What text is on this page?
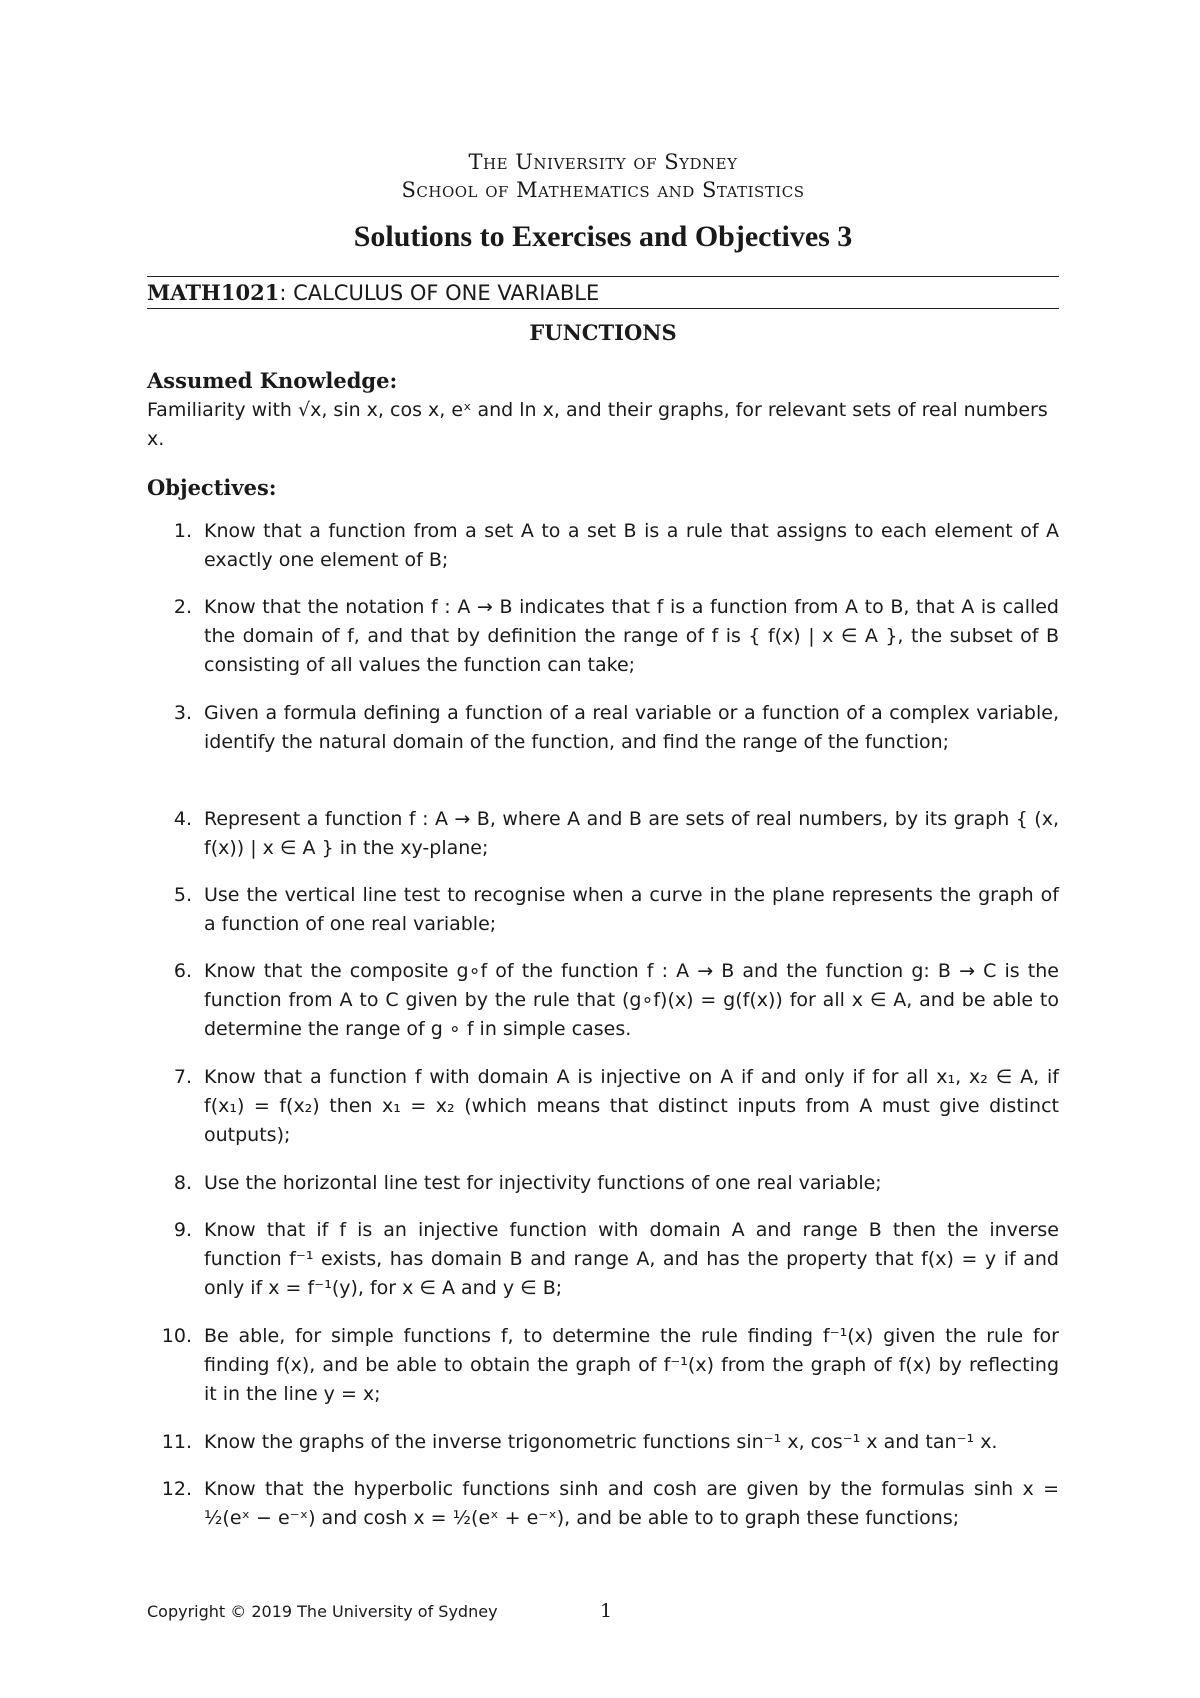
The University of Sydney
School of Mathematics and Statistics
Solutions to Exercises and Objectives 3
MATH1021: CALCULUS OF ONE VARIABLE
FUNCTIONS
Assumed Knowledge:
Familiarity with √x, sin x, cos x, eˣ and ln x, and their graphs, for relevant sets of real numbers x.
Objectives:
1. Know that a function from a set A to a set B is a rule that assigns to each element of A exactly one element of B;
2. Know that the notation f : A → B indicates that f is a function from A to B, that A is called the domain of f, and that by definition the range of f is { f(x) | x ∈ A }, the subset of B consisting of all values the function can take;
3. Given a formula defining a function of a real variable or a function of a complex variable, identify the natural domain of the function, and find the range of the function;
4. Represent a function f : A → B, where A and B are sets of real numbers, by its graph { (x, f(x)) | x ∈ A } in the xy-plane;
5. Use the vertical line test to recognise when a curve in the plane represents the graph of a function of one real variable;
6. Know that the composite g∘f of the function f : A → B and the function g: B → C is the function from A to C given by the rule that (g∘f)(x) = g(f(x)) for all x ∈ A, and be able to determine the range of g ∘ f in simple cases.
7. Know that a function f with domain A is injective on A if and only if for all x₁, x₂ ∈ A, if f(x₁) = f(x₂) then x₁ = x₂ (which means that distinct inputs from A must give distinct outputs);
8. Use the horizontal line test for injectivity functions of one real variable;
9. Know that if f is an injective function with domain A and range B then the inverse function f⁻¹ exists, has domain B and range A, and has the property that f(x) = y if and only if x = f⁻¹(y), for x ∈ A and y ∈ B;
10. Be able, for simple functions f, to determine the rule finding f⁻¹(x) given the rule for finding f(x), and be able to obtain the graph of f⁻¹(x) from the graph of f(x) by reflecting it in the line y = x;
11. Know the graphs of the inverse trigonometric functions sin⁻¹ x, cos⁻¹ x and tan⁻¹ x.
12. Know that the hyperbolic functions sinh and cosh are given by the formulas sinh x = ½(eˣ − e⁻ˣ) and cosh x = ½(eˣ + e⁻ˣ), and be able to to graph these functions;
Copyright © 2019 The University of Sydney	1
